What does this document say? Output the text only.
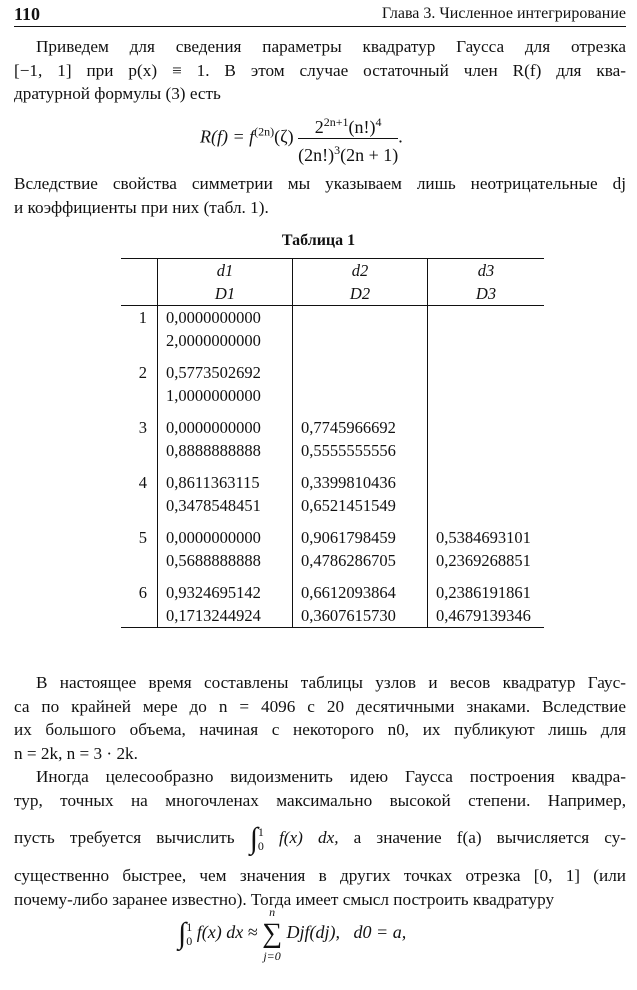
110	Глава 3. Численное интегрирование
Приведем для сведения параметры квадратур Гаусса для отрезка
[−1, 1] при p(x) ≡ 1. В этом случае остаточный член R(f) для ква-
дратурной формулы (3) есть
$R(f) = f^{(2n)}(\zeta) \frac{2^{2n+1}(n!)^4}{(2n!)^3(2n + 1)}$ .
Вследствие свойства симметрии мы указываем лишь неотрицательные dj
и коэффициенты при них (табл. 1).
Таблица 1
	d1	d2	d3
	D1	D2	D3
1	0,0000000000		
	2,0000000000		

2	0,5773502692		
	1,0000000000		

3	0,0000000000	0,7745966692	
	0,8888888888	0,5555555556	

4	0,8611363115	0,3399810436	
	0,3478548451	0,6521451549	

5	0,0000000000	0,9061798459	0,5384693101
	0,5688888888	0,4786286705	0,2369268851

6	0,9324695142	0,6612093864	0,2386191861
	0,1713244924	0,3607615730	0,4679139346
В настоящее время составлены таблицы узлов и весов квадратур Гаус-
са по крайней мере до n = 4096 с 20 десятичными знаками. Вследствие
их большого объема, начиная с некоторого n0, их публикуют лишь для
n = 2k, n = 3 · 2k.
Иногда целесообразно видоизменить идею Гаусса построения квадра-
тур, точных на многочленах максимально высокой степени. Например,
пусть требуется вычислить ∫ 1
0 f(x) dx, а значение f(a) вычисляется су-
существенно быстрее, чем значения в других точках отрезка [0, 1] (или
почему-либо заранее известно). Тогда имеет смысл построить квадратуру
∫ 1
0 f(x) dx ≈
n
∑
j=0
Djf(dj), d0 = a,
